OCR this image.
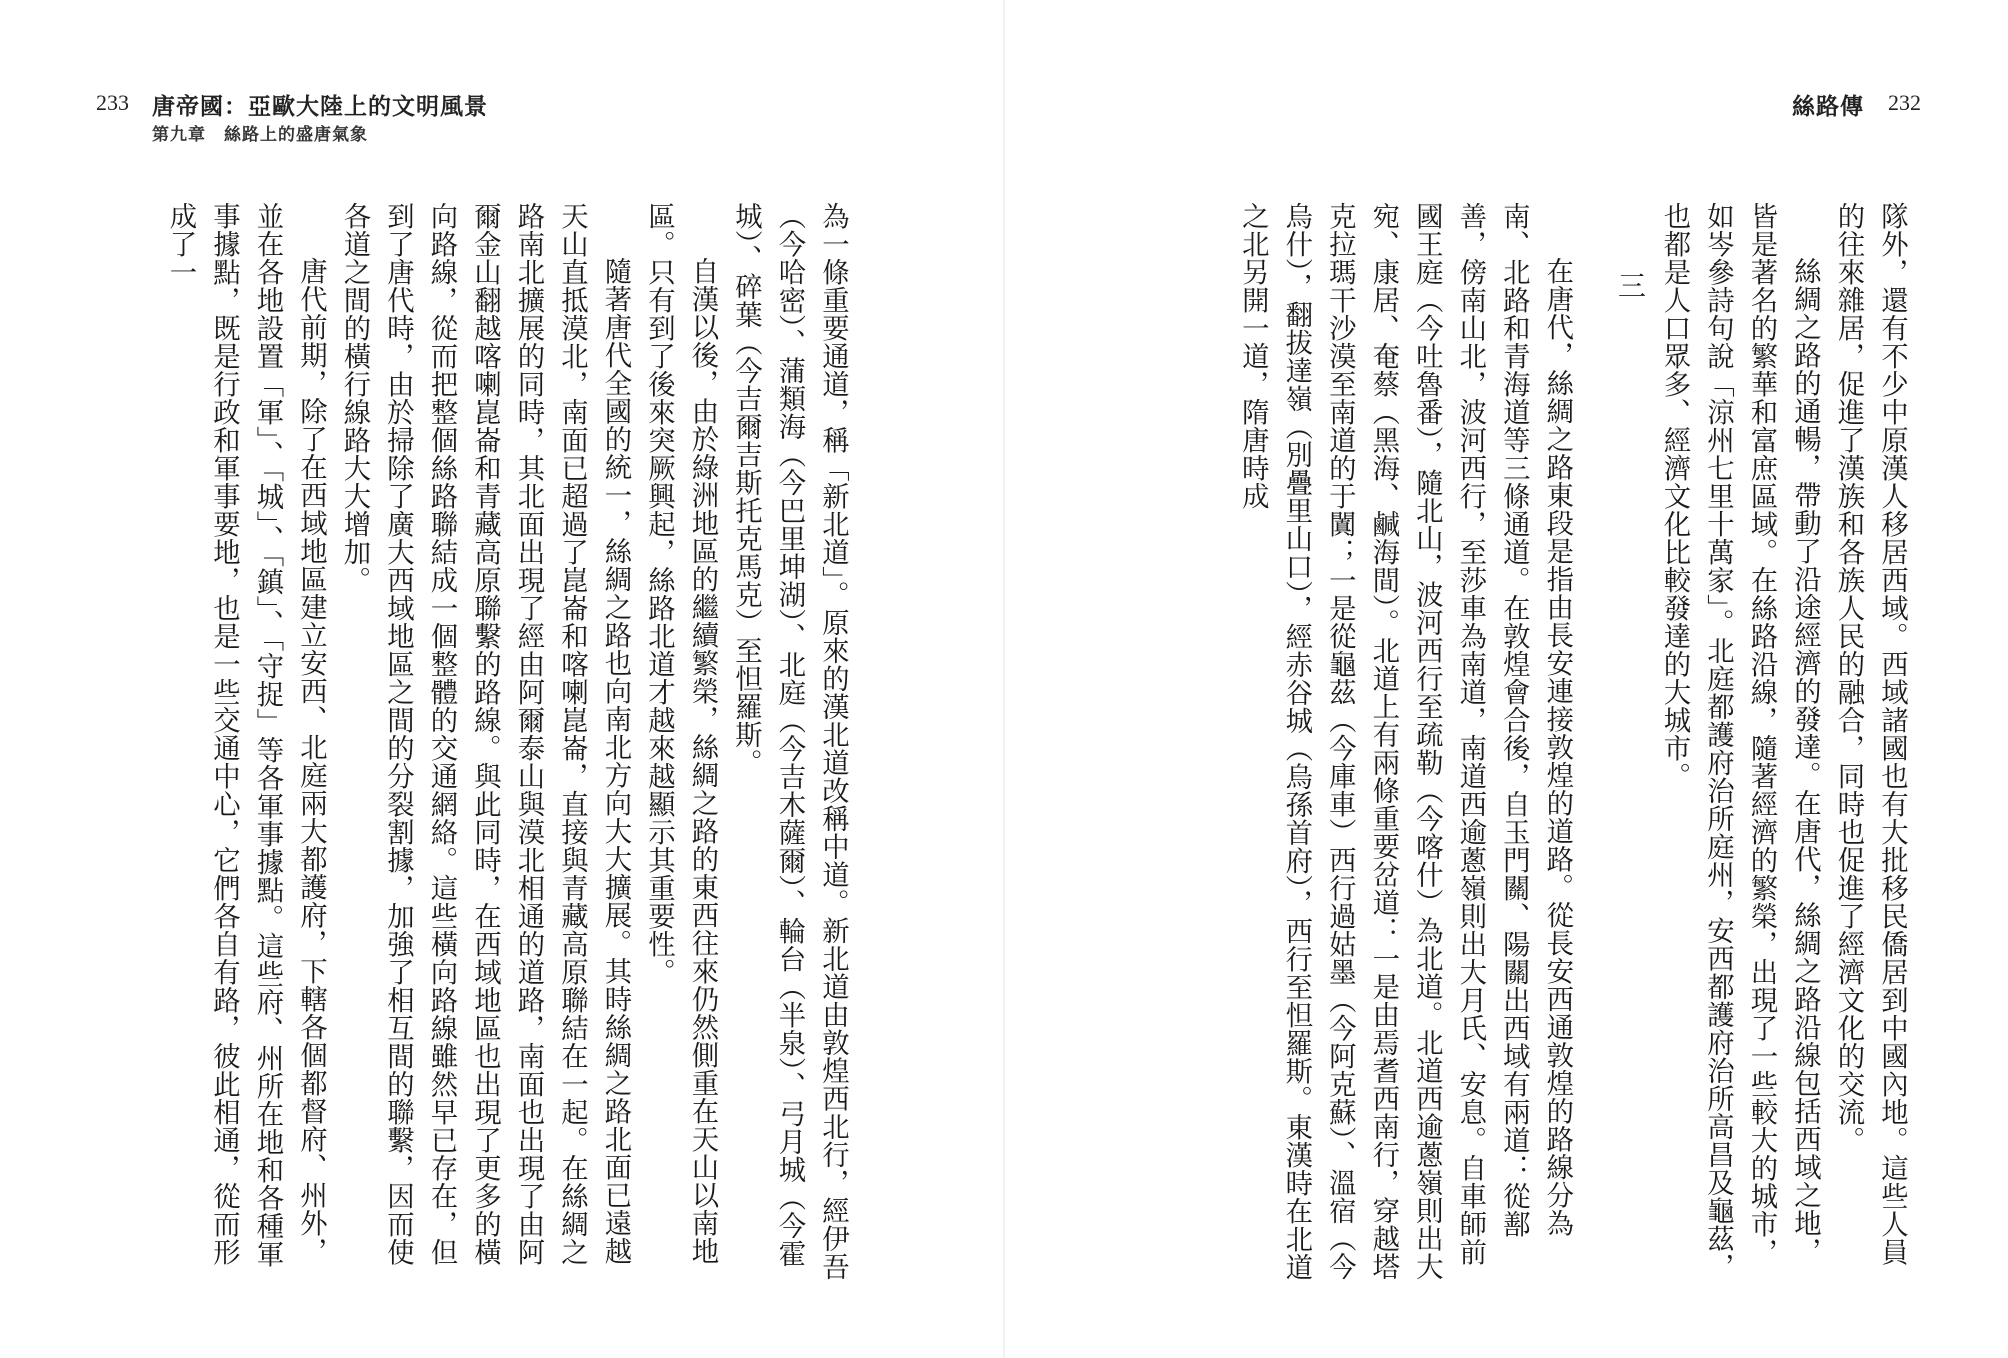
233 唐帝國：亞歐大陸上的文明風景
第九章　絲路上的盛唐氣象

為一條重要通道，稱「新北道」。原來的漢北道改稱中道。新北道由敦煌西北行，經伊吾（今哈密）、蒲類海（今巴里坤湖）、北庭（今吉木薩爾）、輪台（半泉）、弓月城（今霍城）、碎葉（今吉爾吉斯托克馬克）至怛羅斯。

自漢以後，由於綠洲地區的繼續繁榮，絲綢之路的東西往來仍然側重在天山以南地區。只有到了後來突厥興起，絲路北道才越來越顯示其重要性。

隨著唐代全國的統一，絲綢之路也向南北方向大大擴展。其時絲綢之路北面已遠越天山直抵漠北，南面已超過了崑崙和喀喇崑崙，直接與青藏高原聯結在一起。在絲綢之路南北擴展的同時，其北面出現了經由阿爾泰山與漠北相通的道路，南面也出現了由阿爾金山翻越喀喇崑崙和青藏高原聯繫的路線。與此同時，在西域地區也出現了更多的橫向路線，從而把整個絲路聯結成一個整體的交通網絡。這些橫向路線雖然早已存在，但到了唐代時，由於掃除了廣大西域地區之間的分裂割據，加強了相互間的聯繫，因而使各道之間的橫行線路大大增加。

唐代前期，除了在西域地區建立安西、北庭兩大都護府，下轄各個都督府、州外，並在各地設置「軍」、「城」、「鎮」、「守捉」等各軍事據點。這些府、州所在地和各種軍事據點，既是行政和軍事要地，也是一些交通中心，它們各自有路，彼此相通，從而形成了一

絲路傳 232

隊外，還有不少中原漢人移居西域。西域諸國也有大批移民僑居到中國內地。這些人員的往來雜居，促進了漢族和各族人民的融合，同時也促進了經濟文化的交流。

絲綢之路的通暢，帶動了沿途經濟的發達。在唐代，絲綢之路沿線包括西域之地，皆是著名的繁華和富庶區域。在絲路沿線，隨著經濟的繁榮，出現了一些較大的城市，如岑參詩句說「涼州七里十萬家」。北庭都護府治所庭州，安西都護府治所高昌及龜茲，也都是人口眾多、經濟文化比較發達的大城市。

三

在唐代，絲綢之路東段是指由長安連接敦煌的道路。從長安西通敦煌的路線分為南、北路和青海道等三條通道。在敦煌會合後，自玉門關、陽關出西域有兩道：從鄯善，傍南山北，波河西行，至莎車為南道，南道西逾蔥嶺則出大月氏、安息。自車師前國王庭（今吐魯番），隨北山，波河西行至疏勒（今喀什）為北道。北道西逾蔥嶺則出大宛、康居、奄蔡（黑海、鹹海間）。北道上有兩條重要岔道：一是由焉耆西南行，穿越塔克拉瑪干沙漠至南道的于闐；一是從龜茲（今庫車）西行過姑墨（今阿克蘇）、溫宿（今烏什），翻拔達嶺（別疊里山口），經赤谷城（烏孫首府），西行至怛羅斯。東漢時在北道之北另開一道，隋唐時成
